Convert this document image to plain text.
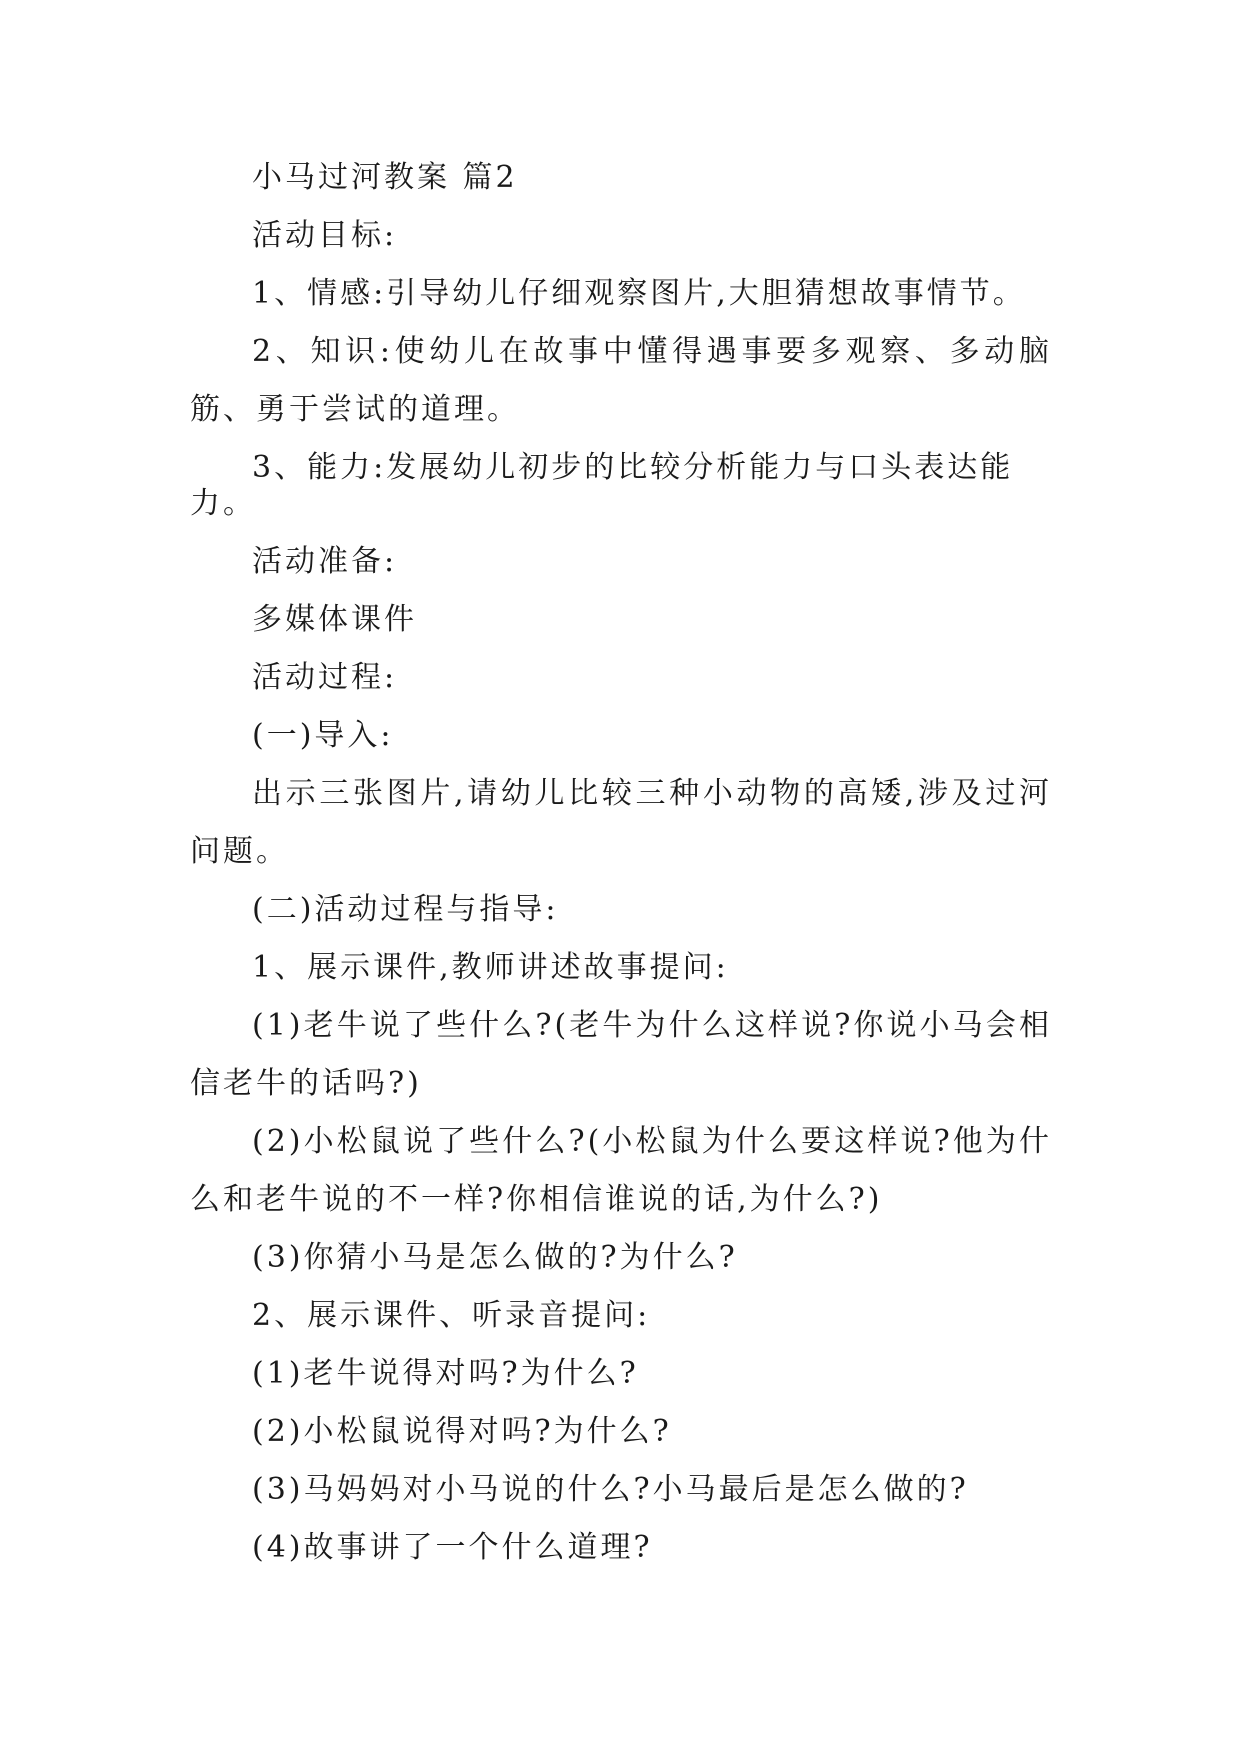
小马过河教案 篇2

活动目标:

1、情感:引导幼儿仔细观察图片,大胆猜想故事情节。

2、知识:使幼儿在故事中懂得遇事要多观察、多动脑筋、勇于尝试的道理。

3、能力:发展幼儿初步的比较分析能力与口头表达能力。

活动准备:

多媒体课件

活动过程:

(一)导入:

出示三张图片,请幼儿比较三种小动物的高矮,涉及过河问题。

(二)活动过程与指导:

1、展示课件,教师讲述故事提问:

(1)老牛说了些什么?(老牛为什么这样说?你说小马会相信老牛的话吗?)

(2)小松鼠说了些什么?(小松鼠为什么要这样说?他为什么和老牛说的不一样?你相信谁说的话,为什么?)

(3)你猜小马是怎么做的?为什么?

2、展示课件、听录音提问:

(1)老牛说得对吗?为什么?

(2)小松鼠说得对吗?为什么?

(3)马妈妈对小马说的什么?小马最后是怎么做的?

(4)故事讲了一个什么道理?
